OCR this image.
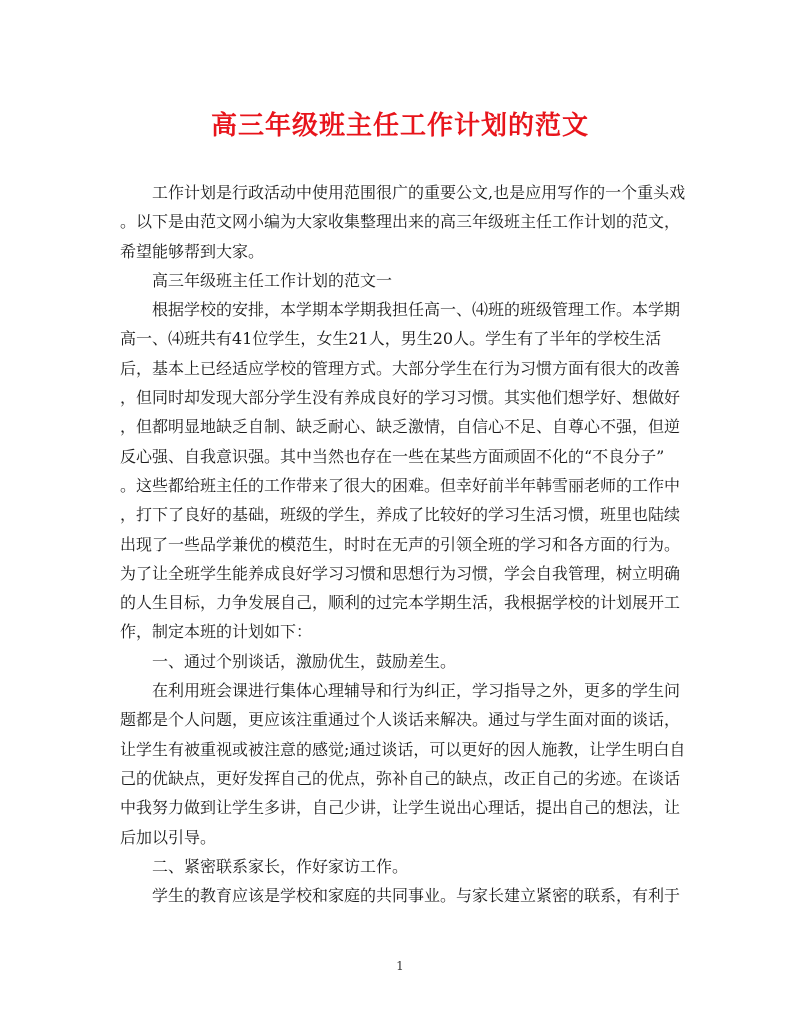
高三年级班主任工作计划的范文
工作计划是行政活动中使用范围很广的重要公文,也是应用写作的一个重头戏
。以下是由范文网小编为大家收集整理出来的高三年级班主任工作计划的范文，
希望能够帮到大家。
高三年级班主任工作计划的范文一
根据学校的安排，本学期本学期我担任高一、⑷班的班级管理工作。本学期
高一、⑷班共有41位学生，女生21人，男生20人。学生有了半年的学校生活
后，基本上已经适应学校的管理方式。大部分学生在行为习惯方面有很大的改善
，但同时却发现大部分学生没有养成良好的学习习惯。其实他们想学好、想做好
，但都明显地缺乏自制、缺乏耐心、缺乏激情，自信心不足、自尊心不强，但逆
反心强、自我意识强。其中当然也存在一些在某些方面顽固不化的“不良分子”
。这些都给班主任的工作带来了很大的困难。但幸好前半年韩雪丽老师的工作中
，打下了良好的基础，班级的学生，养成了比较好的学习生活习惯，班里也陆续
出现了一些品学兼优的模范生，时时在无声的引领全班的学习和各方面的行为。
为了让全班学生能养成良好学习习惯和思想行为习惯，学会自我管理，树立明确
的人生目标，力争发展自己，顺利的过完本学期生活，我根据学校的计划展开工
作，制定本班的计划如下：
一、通过个别谈话，激励优生，鼓励差生。
在利用班会课进行集体心理辅导和行为纠正，学习指导之外，更多的学生问
题都是个人问题，更应该注重通过个人谈话来解决。通过与学生面对面的谈话，
让学生有被重视或被注意的感觉;通过谈话，可以更好的因人施教，让学生明白自
己的优缺点，更好发挥自己的优点，弥补自己的缺点，改正自己的劣迹。在谈话
中我努力做到让学生多讲，自己少讲，让学生说出心理话，提出自己的想法，让
后加以引导。
二、紧密联系家长，作好家访工作。
学生的教育应该是学校和家庭的共同事业。与家长建立紧密的联系，有利于
1
